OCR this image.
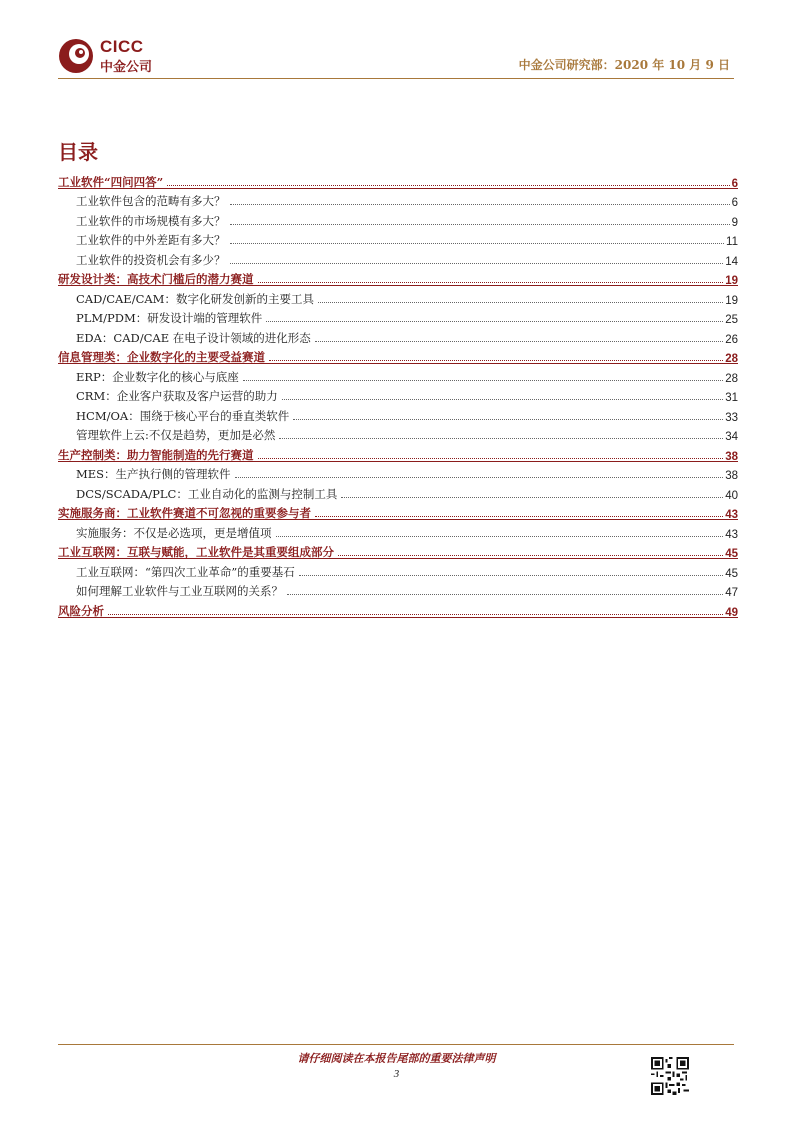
CICC
中金公司	中金公司研究部：2020 年 10 月 9 日
目录
工业软件“四问四答”	6
工业软件包含的范畴有多大？	6
工业软件的市场规模有多大？	9
工业软件的中外差距有多大？	11
工业软件的投资机会有多少？	14
研发设计类：高技术门槛后的潜力赛道	19
CAD/CAE/CAM：数字化研发创新的主要工具	19
PLM/PDM：研发设计端的管理软件	25
EDA：CAD/CAE 在电子设计领域的进化形态	26
信息管理类：企业数字化的主要受益赛道	28
ERP：企业数字化的核心与底座	28
CRM：企业客户获取及客户运营的助力	31
HCM/OA：围绕于核心平台的垂直类软件	33
管理软件上云:不仅是趋势，更加是必然	34
生产控制类：助力智能制造的先行赛道	38
MES：生产执行侧的管理软件	38
DCS/SCADA/PLC：工业自动化的监测与控制工具	40
实施服务商：工业软件赛道不可忽视的重要参与者	43
实施服务：不仅是必选项，更是增值项	43
工业互联网：互联与赋能，工业软件是其重要组成部分	45
工业互联网：“第四次工业革命”的重要基石	45
如何理解工业软件与工业互联网的关系？	47
风险分析	49
请仔细阅读在本报告尾部的重要法律声明
3
